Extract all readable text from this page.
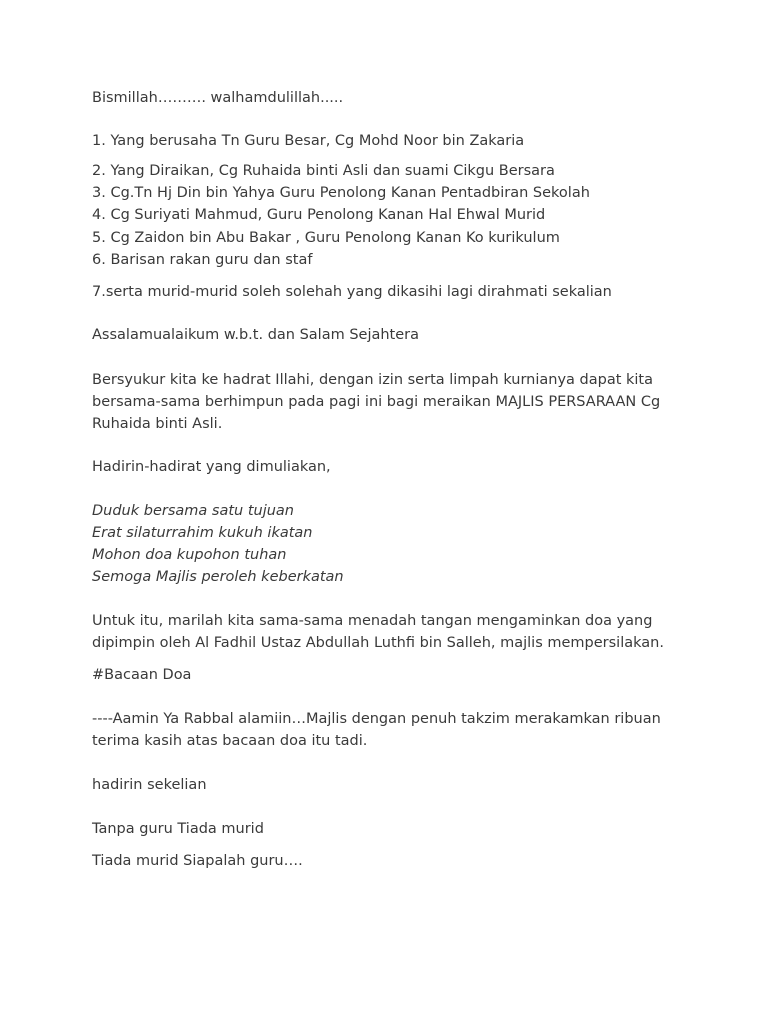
Bismillah………. walhamdulillah.....
1. Yang berusaha Tn Guru Besar, Cg Mohd Noor bin Zakaria
2. Yang Diraikan, Cg Ruhaida binti Asli dan suami Cikgu Bersara
3. Cg.Tn Hj Din bin Yahya Guru Penolong Kanan Pentadbiran Sekolah
4. Cg Suriyati Mahmud, Guru Penolong Kanan Hal Ehwal Murid
5. Cg Zaidon bin Abu Bakar , Guru Penolong Kanan Ko kurikulum
6. Barisan rakan guru dan staf
7.serta murid-murid soleh solehah yang dikasihi lagi dirahmati sekalian
Assalamualaikum w.b.t. dan Salam Sejahtera
Bersyukur kita ke hadrat Illahi, dengan izin serta limpah kurnianya dapat kita
bersama-sama berhimpun pada pagi ini bagi meraikan MAJLIS PERSARAAN Cg
Ruhaida binti Asli.
Hadirin-hadirat yang dimuliakan,
Duduk bersama satu tujuan
Erat silaturrahim kukuh ikatan
Mohon doa kupohon tuhan
Semoga Majlis peroleh keberkatan
Untuk itu, marilah kita sama-sama menadah tangan mengaminkan doa yang
dipimpin oleh Al Fadhil Ustaz Abdullah Luthfi bin Salleh, majlis mempersilakan.
#Bacaan Doa
----Aamin Ya Rabbal alamiin…Majlis dengan penuh takzim merakamkan ribuan
terima kasih atas bacaan doa itu tadi.
hadirin sekelian
Tanpa guru Tiada murid
Tiada murid Siapalah guru….
